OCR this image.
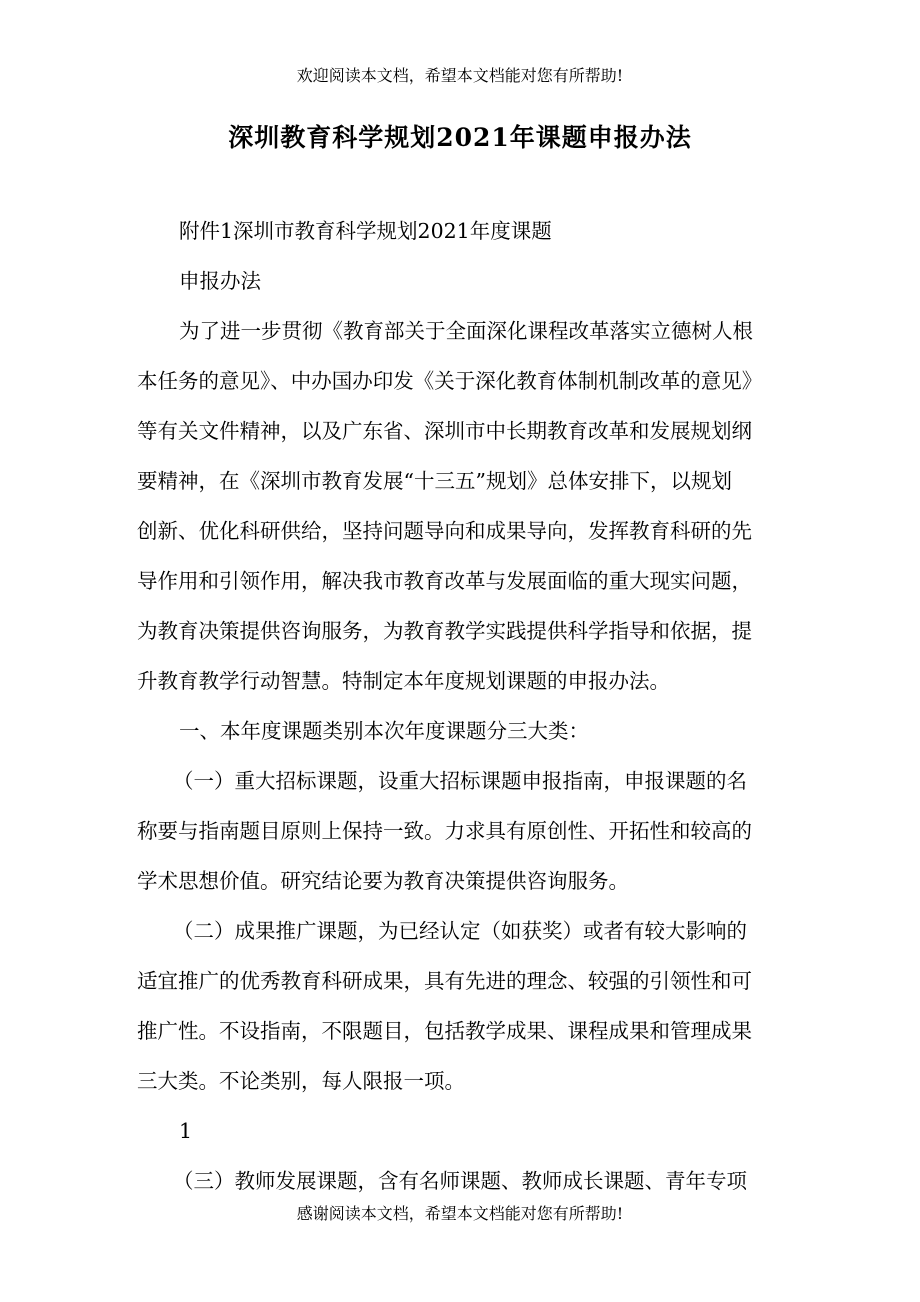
欢迎阅读本文档，希望本文档能对您有所帮助!
深圳教育科学规划2021年课题申报办法
附件1深圳市教育科学规划2021年度课题
申报办法
为了进一步贯彻《教育部关于全面深化课程改革落实立德树人根
本任务的意见》、中办国办印发《关于深化教育体制机制改革的意见》
等有关文件精神，以及广东省、深圳市中长期教育改革和发展规划纲
要精神，在《深圳市教育发展“十三五”规划》总体安排下，以规划
创新、优化科研供给，坚持问题导向和成果导向，发挥教育科研的先
导作用和引领作用，解决我市教育改革与发展面临的重大现实问题，
为教育决策提供咨询服务，为教育教学实践提供科学指导和依据，提
升教育教学行动智慧。特制定本年度规划课题的申报办法。
一、本年度课题类别本次年度课题分三大类：
（一）重大招标课题，设重大招标课题申报指南，申报课题的名
称要与指南题目原则上保持一致。力求具有原创性、开拓性和较高的
学术思想价值。研究结论要为教育决策提供咨询服务。
（二）成果推广课题，为已经认定（如获奖）或者有较大影响的
适宜推广的优秀教育科研成果，具有先进的理念、较强的引领性和可
推广性。不设指南，不限题目，包括教学成果、课程成果和管理成果
三大类。不论类别，每人限报一项。
（三）教师发展课题，含有名师课题、教师成长课题、青年专项
1
感谢阅读本文档，希望本文档能对您有所帮助!
